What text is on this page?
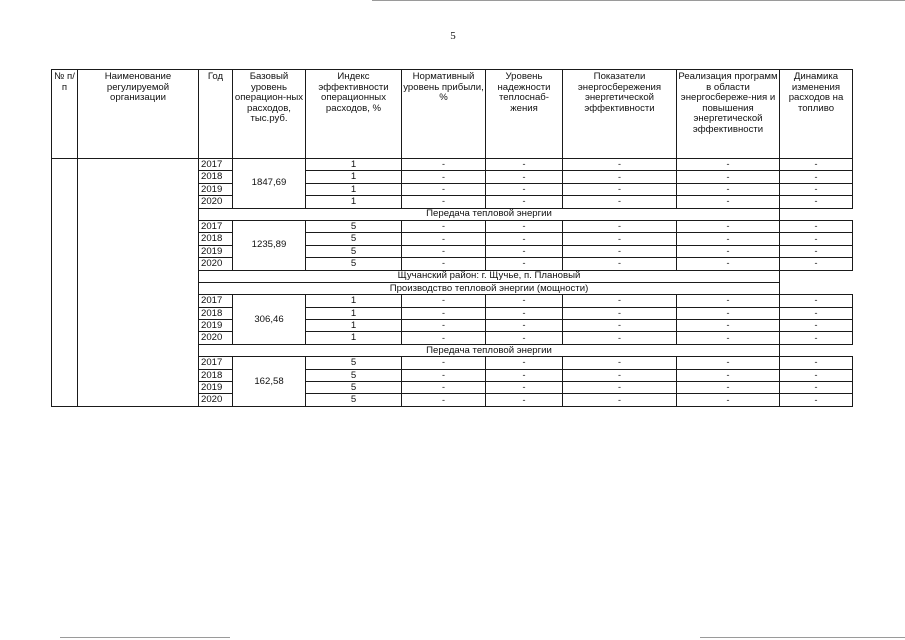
5
№ п/п	Наименование регулируемой организации	Год	Базовый уровень операцион-ных расходов, тыс.руб.	Индекс эффективности операционных расходов, %	Нормативный уровень прибыли, %	Уровень надежности теплоснаб-жения	Показатели энергосбережения энергетической эффективности	Реализация программ в области энергосбереже-ния и повышения энергетической эффективности	Динамика изменения расходов на топливо
		2017	1847,69	1	-	-	-	-	-
		2018		1	-	-	-	-	-
		2019		1	-	-	-	-	-
		2020		1	-	-	-	-	-
		Передача тепловой энергии							
		2017	1235,89	5	-	-	-	-	-
		2018		5	-	-	-	-	-
		2019		5	-	-	-	-	-
		2020		5	-	-	-	-	-
		Щучанский район: г. Щучье, п. Плановый							
		Производство тепловой энергии (мощности)							
		2017	306,46	1	-	-	-	-	-
		2018		1	-	-	-	-	-
		2019		1	-	-	-	-	-
		2020		1	-	-	-	-	-
		Передача тепловой энергии							
		2017	162,58	5	-	-	-	-	-
		2018		5	-	-	-	-	-
		2019		5	-	-	-	-	-
		2020		5	-	-	-	-	-
